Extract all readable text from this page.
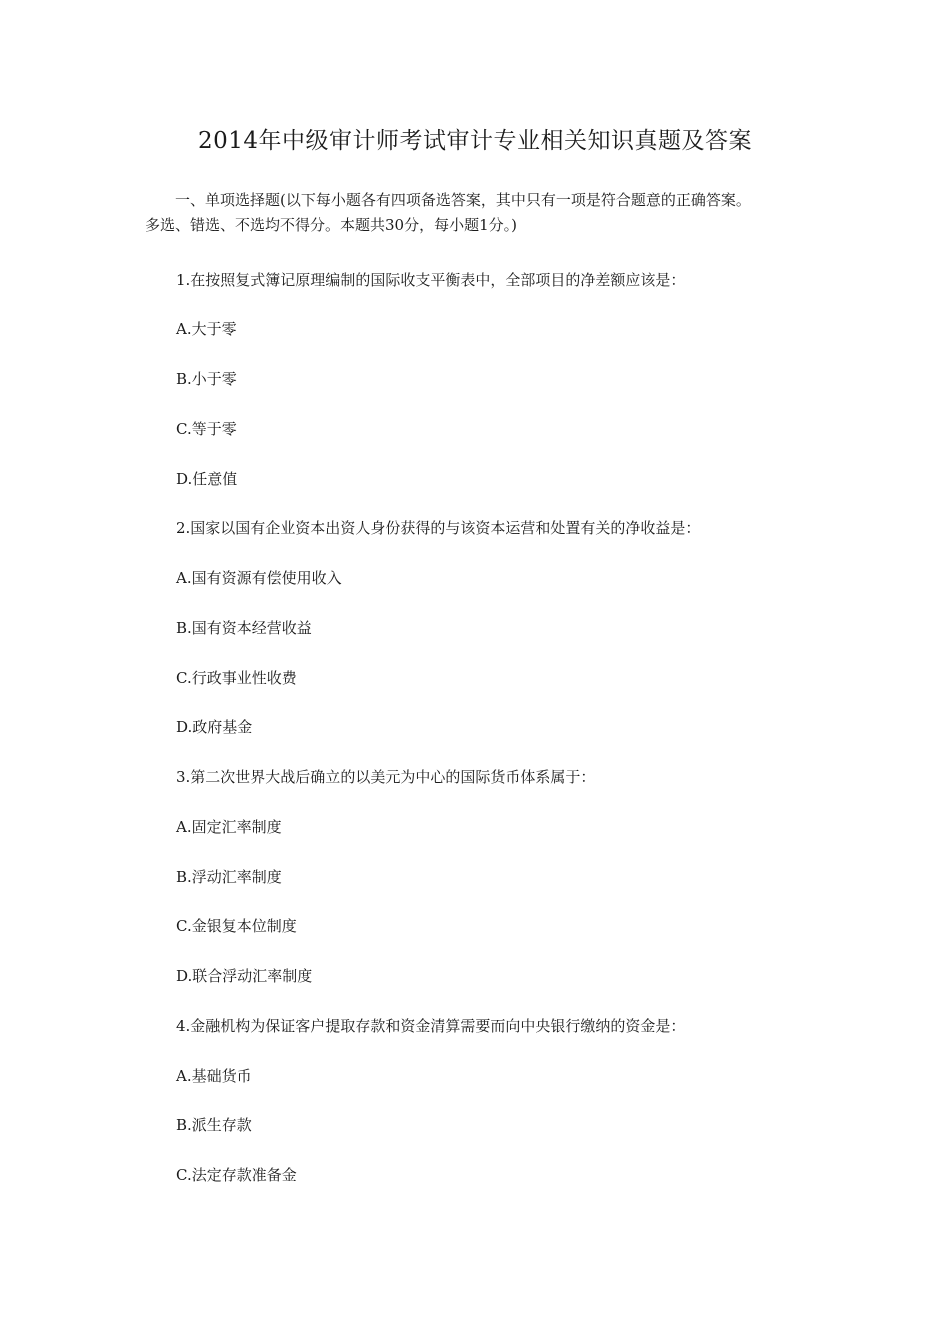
2014年中级审计师考试审计专业相关知识真题及答案
一、单项选择题(以下每小题各有四项备选答案，其中只有一项是符合题意的正确答案。
多选、错选、不选均不得分。本题共30分，每小题1分。)
1.在按照复式簿记原理编制的国际收支平衡表中，全部项目的净差额应该是：
A.大于零
B.小于零
C.等于零
D.任意值
2.国家以国有企业资本出资人身份获得的与该资本运营和处置有关的净收益是：
A.国有资源有偿使用收入
B.国有资本经营收益
C.行政事业性收费
D.政府基金
3.第二次世界大战后确立的以美元为中心的国际货币体系属于：
A.固定汇率制度
B.浮动汇率制度
C.金银复本位制度
D.联合浮动汇率制度
4.金融机构为保证客户提取存款和资金清算需要而向中央银行缴纳的资金是：
A.基础货币
B.派生存款
C.法定存款准备金
